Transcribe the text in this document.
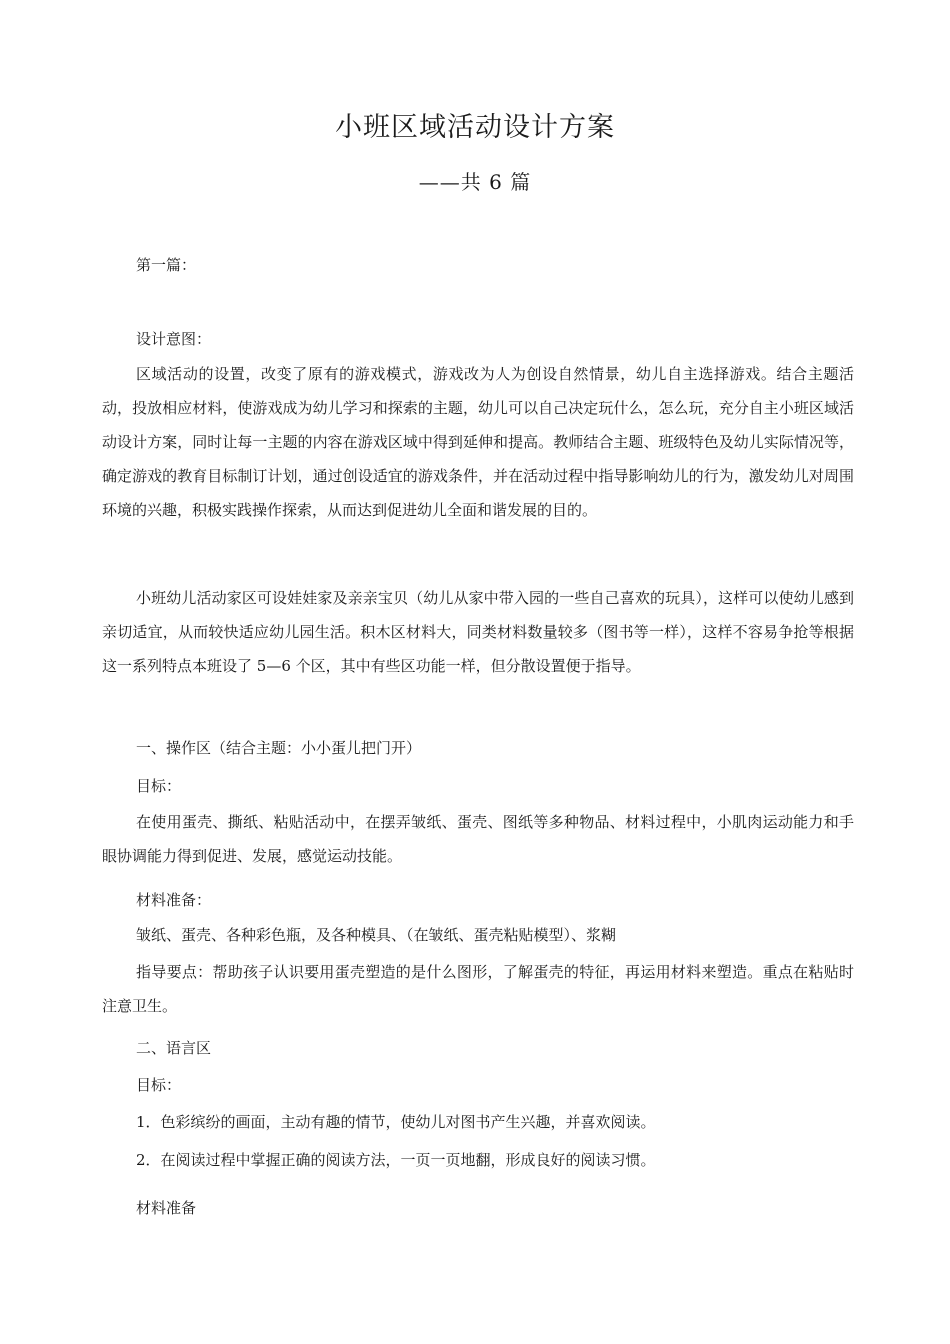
小班区域活动设计方案
——共 6 篇
第一篇：
设计意图：

区域活动的设置，改变了原有的游戏模式，游戏改为人为创设自然情景，幼儿自主选择游戏。结合主题活动，投放相应材料，使游戏成为幼儿学习和探索的主题，幼儿可以自己决定玩什么，怎么玩，充分自主小班区域活动设计方案，同时让每一主题的内容在游戏区域中得到延伸和提高。教师结合主题、班级特色及幼儿实际情况等，确定游戏的教育目标制订计划，通过创设适宜的游戏条件，并在活动过程中指导影响幼儿的行为，激发幼儿对周围环境的兴趣，积极实践操作探索，从而达到促进幼儿全面和谐发展的目的。

小班幼儿活动家区可设娃娃家及亲亲宝贝（幼儿从家中带入园的一些自己喜欢的玩具），这样可以使幼儿感到亲切适宜，从而较快适应幼儿园生活。积木区材料大，同类材料数量较多（图书等一样），这样不容易争抢等根据这一系列特点本班设了 5—6 个区，其中有些区功能一样，但分散设置便于指导。

一、操作区（结合主题：小小蛋儿把门开）
目标：

在使用蛋壳、撕纸、粘贴活动中，在摆弄皱纸、蛋壳、图纸等多种物品、材料过程中，小肌肉运动能力和手眼协调能力得到促进、发展，感觉运动技能。

材料准备：
皱纸、蛋壳、各种彩色瓶，及各种模具、（在皱纸、蛋壳粘贴模型）、浆糊

指导要点：帮助孩子认识要用蛋壳塑造的是什么图形，了解蛋壳的特征，再运用材料来塑造。重点在粘贴时注意卫生。

二、语言区
目标：
1．色彩缤纷的画面，主动有趣的情节，使幼儿对图书产生兴趣，并喜欢阅读。
2．在阅读过程中掌握正确的阅读方法，一页一页地翻，形成良好的阅读习惯。
材料准备
